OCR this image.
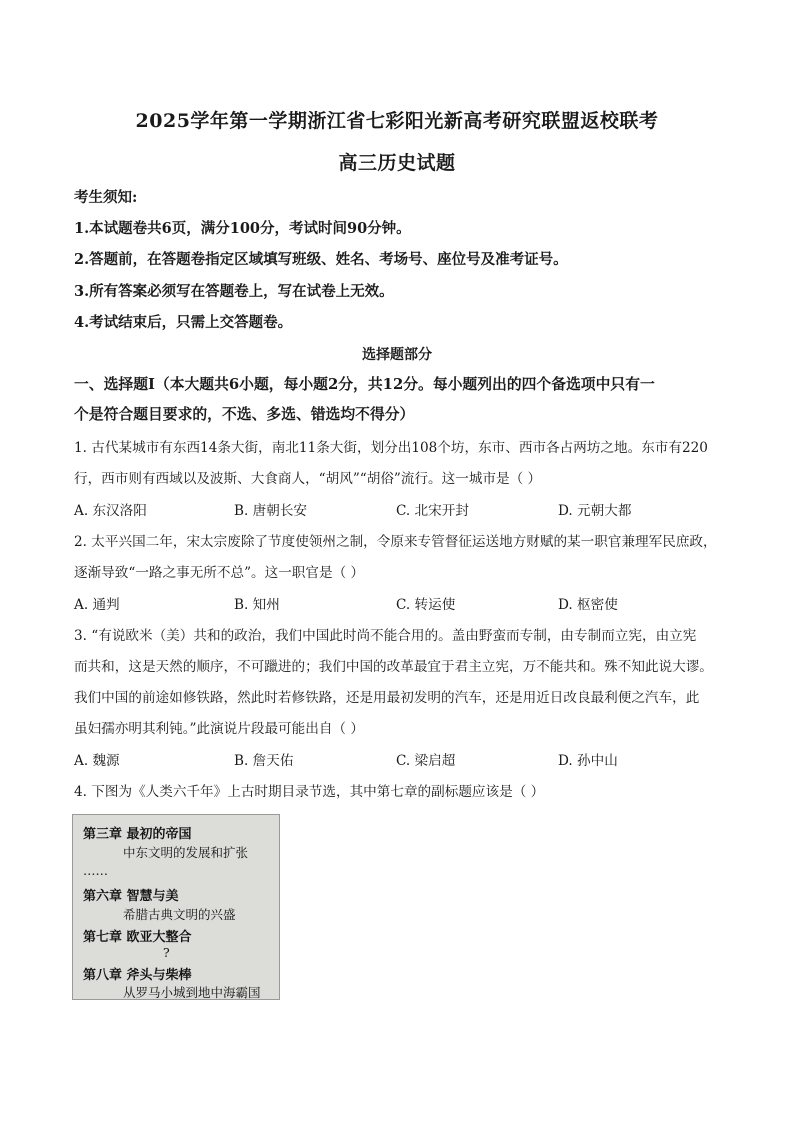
2025学年第一学期浙江省七彩阳光新高考研究联盟返校联考
高三历史试题
考生须知:
1.本试题卷共6页，满分100分，考试时间90分钟。
2.答题前，在答题卷指定区域填写班级、姓名、考场号、座位号及准考证号。
3.所有答案必须写在答题卷上，写在试卷上无效。
4.考试结束后，只需上交答题卷。
选择题部分
一、选择题Ⅰ（本大题共6小题，每小题2分，共12分。每小题列出的四个备选项中只有一
个是符合题目要求的，不选、多选、错选均不得分）
1. 古代某城市有东西14条大街，南北11条大街，划分出108个坊，东市、西市各占两坊之地。东市有220
行，西市则有西域以及波斯、大食商人，“胡风”“胡俗”流行。这一城市是（ ）
A. 东汉洛阳	B. 唐朝长安	C. 北宋开封	D. 元朝大都
2. 太平兴国二年，宋太宗废除了节度使领州之制，令原来专管督征运送地方财赋的某一职官兼理军民庶政，
逐渐导致“一路之事无所不总”。这一职官是（ ）
A. 通判	B. 知州	C. 转运使	D. 枢密使
3. “有说欧米（美）共和的政治，我们中国此时尚不能合用的。盖由野蛮而专制，由专制而立宪，由立宪
而共和，这是天然的顺序，不可躐进的；我们中国的改革最宜于君主立宪，万不能共和。殊不知此说大谬。
我们中国的前途如修铁路，然此时若修铁路，还是用最初发明的汽车，还是用近日改良最利便之汽车，此
虽妇孺亦明其利钝。”此演说片段最可能出自（ ）
A. 魏源	B. 詹天佑	C. 梁启超	D. 孙中山
4. 下图为《人类六千年》上古时期目录节选，其中第七章的副标题应该是（ ）
第三章 最初的帝国
中东文明的发展和扩张
……
第六章 智慧与美
希腊古典文明的兴盛
第七章 欧亚大整合
?
第八章 斧头与柴棒
从罗马小城到地中海霸国
